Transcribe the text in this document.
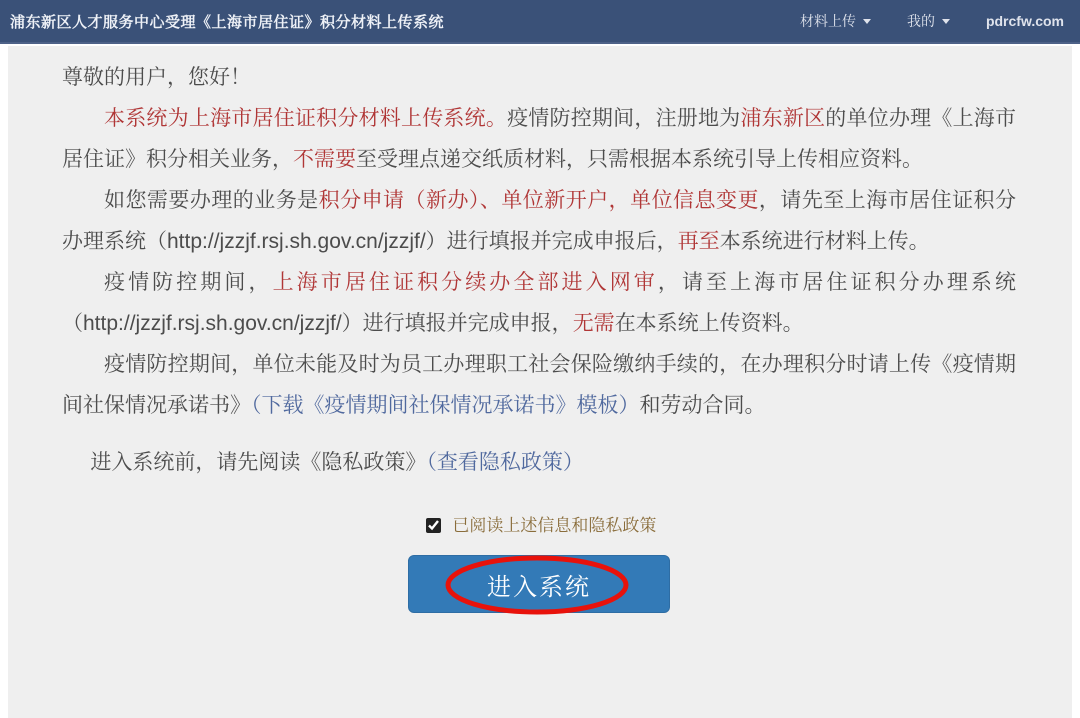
浦东新区人才服务中心受理《上海市居住证》积分材料上传系统	材料上传	我的	pdrcfw.com

尊敬的用户，您好！

本系统为上海市居住证积分材料上传系统。疫情防控期间，注册地为浦东新区的单位办理《上海市居住证》积分相关业务，不需要至受理点递交纸质材料，只需根据本系统引导上传相应资料。

如您需要办理的业务是积分申请（新办）、单位新开户，单位信息变更，请先至上海市居住证积分办理系统（http://jzzjf.rsj.sh.gov.cn/jzzjf/）进行填报并完成申报后，再至本系统进行材料上传。

疫情防控期间，上海市居住证积分续办全部进入网审，请至上海市居住证积分办理系统（http://jzzjf.rsj.sh.gov.cn/jzzjf/）进行填报并完成申报，无需在本系统上传资料。

疫情防控期间，单位未能及时为员工办理职工社会保险缴纳手续的，在办理积分时请上传《疫情期间社保情况承诺书》（下载《疫情期间社保情况承诺书》模板）和劳动合同。

进入系统前，请先阅读《隐私政策》（查看隐私政策）

已阅读上述信息和隐私政策
进入系统
